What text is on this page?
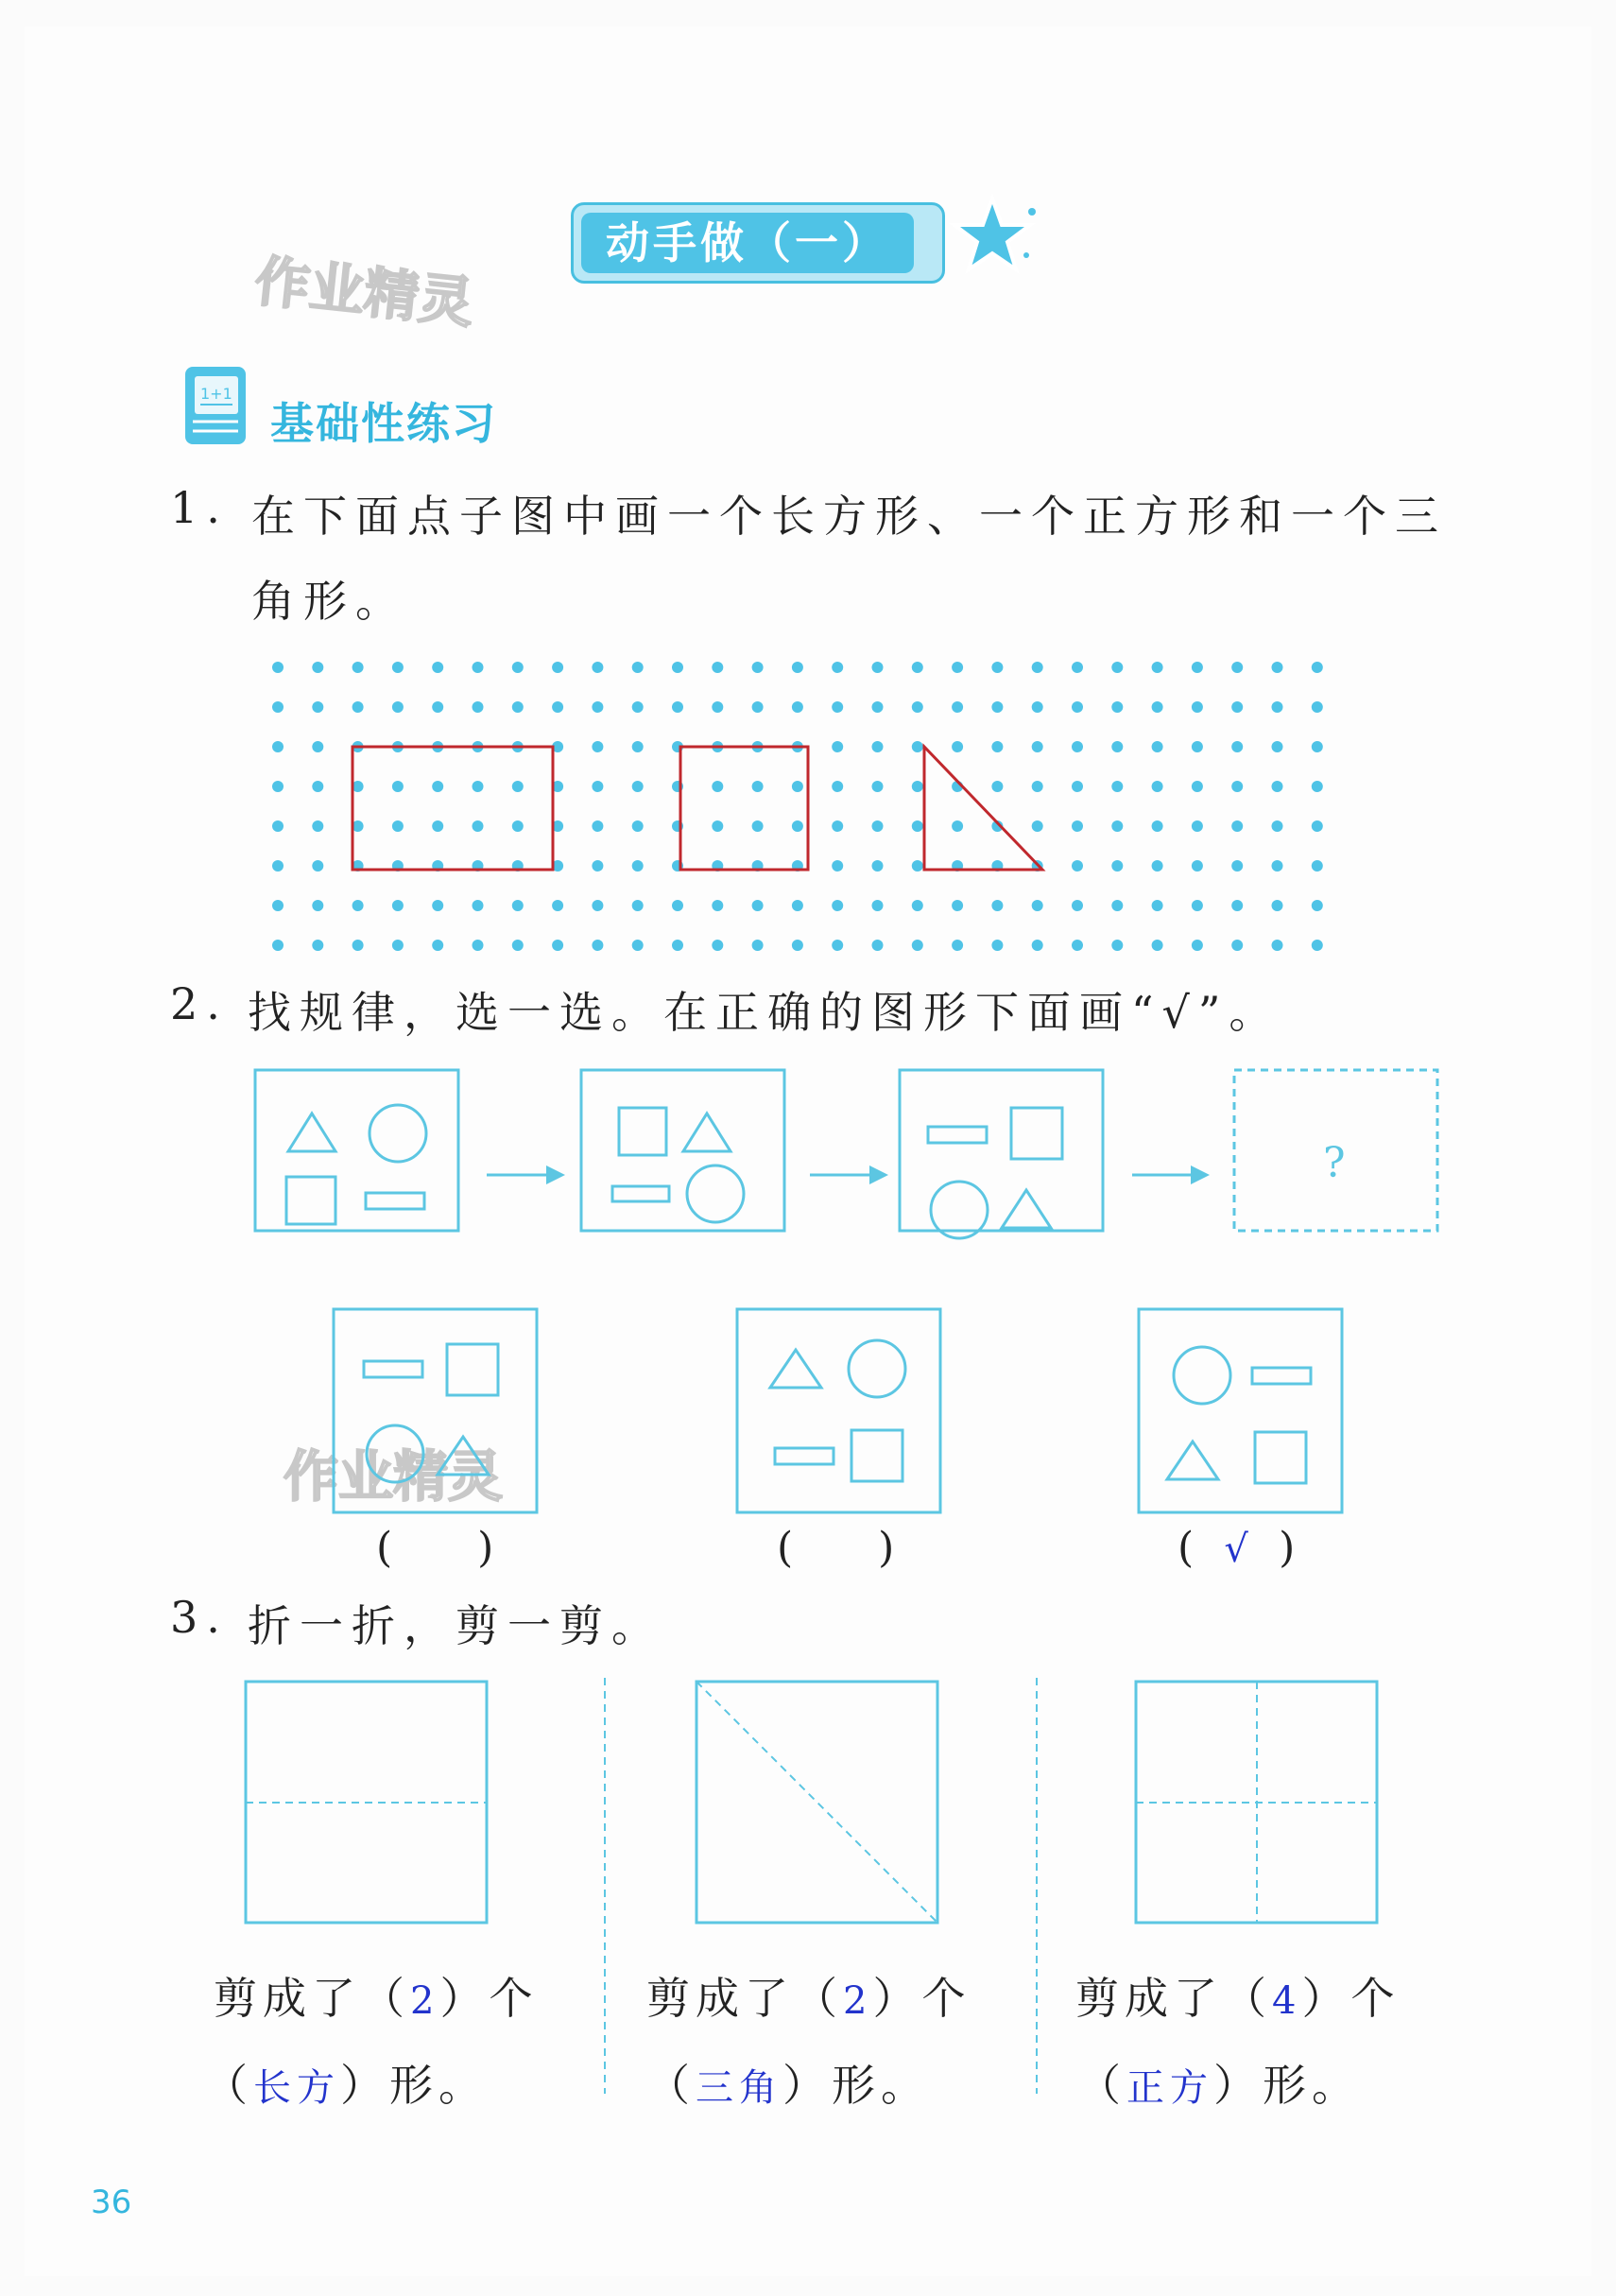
动手做（一）
作业精灵
作业精灵
1+1
基础性练习
1. 在下面点子图中画一个长方形、一个正方形和一个三
角形。
2. 找规律，选一选。在正确的图形下面画“√”。
?
( )	( )	( √ )
3. 折一折，剪一剪。
剪成了（2）个
（长方）形。
剪成了（2）个
（三角）形。
剪成了（4）个
（正方）形。
36
